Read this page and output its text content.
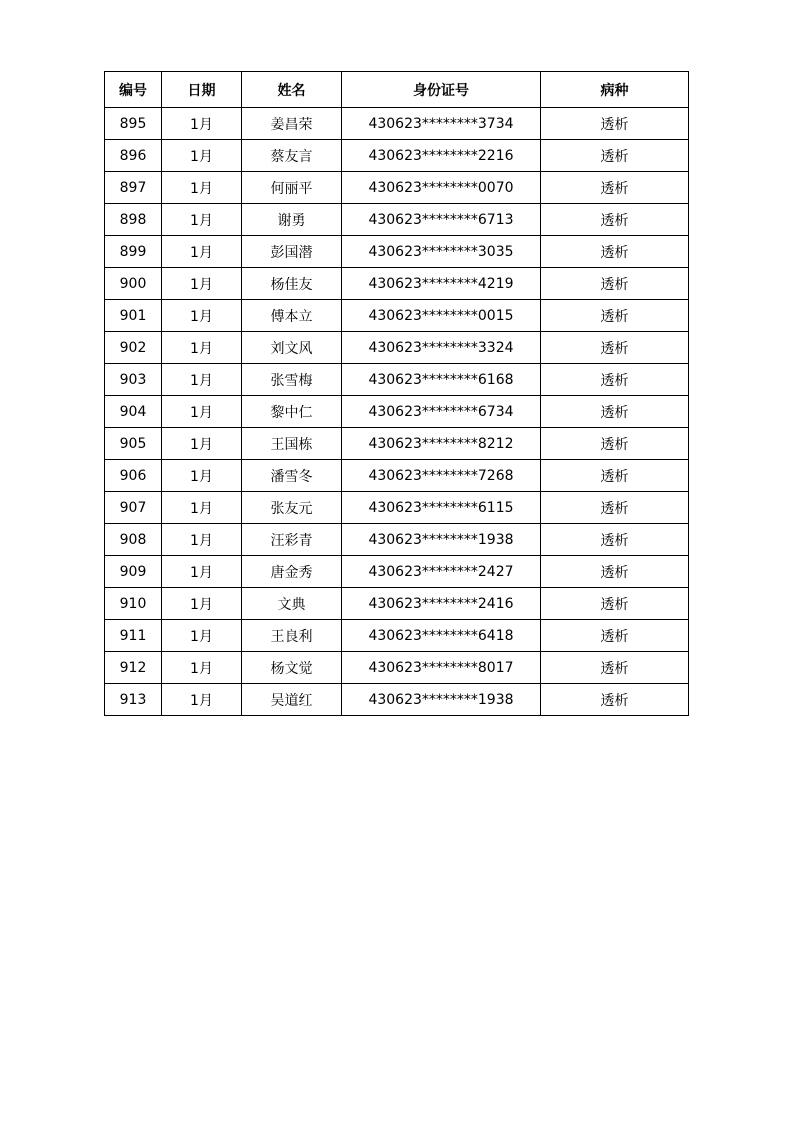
编号	日期	姓名	身份证号	病种
895	1月	姜昌荣	430623********3734	透析
896	1月	蔡友言	430623********2216	透析
897	1月	何丽平	430623********0070	透析
898	1月	谢勇	430623********6713	透析
899	1月	彭国潜	430623********3035	透析
900	1月	杨佳友	430623********4219	透析
901	1月	傅本立	430623********0015	透析
902	1月	刘文风	430623********3324	透析
903	1月	张雪梅	430623********6168	透析
904	1月	黎中仁	430623********6734	透析
905	1月	王国栋	430623********8212	透析
906	1月	潘雪冬	430623********7268	透析
907	1月	张友元	430623********6115	透析
908	1月	汪彩青	430623********1938	透析
909	1月	唐金秀	430623********2427	透析
910	1月	文典	430623********2416	透析
911	1月	王良利	430623********6418	透析
912	1月	杨文觉	430623********8017	透析
913	1月	吴道红	430623********1938	透析
